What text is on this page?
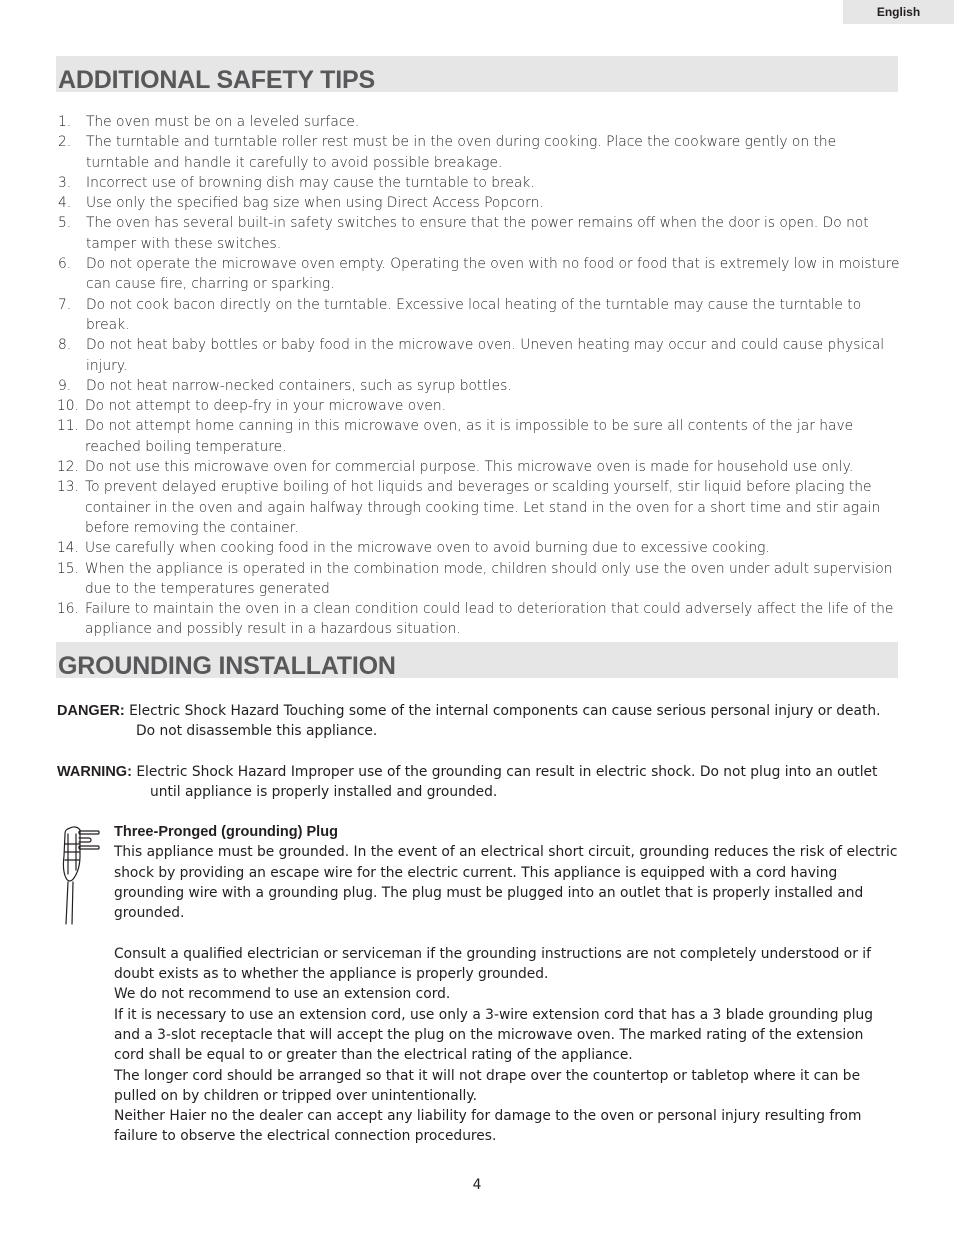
English
ADDITIONAL SAFETY TIPS
1. The oven must be on a leveled surface.
2. The turntable and turntable roller rest must be in the oven during cooking. Place the cookware gently on the turntable and handle it carefully to avoid possible breakage.
3. Incorrect use of browning dish may cause the turntable to break.
4. Use only the specified bag size when using Direct Access Popcorn.
5. The oven has several built-in safety switches to ensure that the power remains off when the door is open. Do not tamper with these switches.
6. Do not operate the microwave oven empty. Operating the oven with no food or food that is extremely low in moisture can cause fire, charring or sparking.
7. Do not cook bacon directly on the turntable. Excessive local heating of the turntable may cause the turntable to break.
8. Do not heat baby bottles or baby food in the microwave oven. Uneven heating may occur and could cause physical injury.
9. Do not heat narrow-necked containers, such as syrup bottles.
10. Do not attempt to deep-fry in your microwave oven.
11. Do not attempt home canning in this microwave oven, as it is impossible to be sure all contents of the jar have reached boiling temperature.
12. Do not use this microwave oven for commercial purpose. This microwave oven is made for household use only.
13. To prevent delayed eruptive boiling of hot liquids and beverages or scalding yourself, stir liquid before placing the container in the oven and again halfway through cooking time. Let stand in the oven for a short time and stir again before removing the container.
14. Use carefully when cooking food in the microwave oven to avoid burning due to excessive cooking.
15. When the appliance is operated in the combination mode, children should only use the oven under adult supervision due to the temperatures generated
16. Failure to maintain the oven in a clean condition could lead to deterioration that could adversely affect the life of the appliance and possibly result in a hazardous situation.
GROUNDING INSTALLATION
DANGER: Electric Shock Hazard Touching some of the internal components can cause serious personal injury or death.
Do not disassemble this appliance.
WARNING: Electric Shock Hazard Improper use of the grounding can result in electric shock. Do not plug into an outlet
until appliance is properly installed and grounded.

Three-Pronged (grounding) Plug

This appliance must be grounded. In the event of an electrical short circuit, grounding reduces the risk of electric shock by providing an escape wire for the electric current. This appliance is equipped with a cord having grounding wire with a grounding plug. The plug must be plugged into an outlet that is properly installed and grounded.

Consult a qualified electrician or serviceman if the grounding instructions are not completely understood or if doubt exists as to whether the appliance is properly grounded.

We do not recommend to use an extension cord.

If it is necessary to use an extension cord, use only a 3-wire extension cord that has a 3 blade grounding plug and a 3-slot receptacle that will accept the plug on the microwave oven. The marked rating of the extension cord shall be equal to or greater than the electrical rating of the appliance.

The longer cord should be arranged so that it will not drape over the countertop or tabletop where it can be pulled on by children or tripped over unintentionally.

Neither Haier no the dealer can accept any liability for damage to the oven or personal injury resulting from failure to observe the electrical connection procedures.

4
